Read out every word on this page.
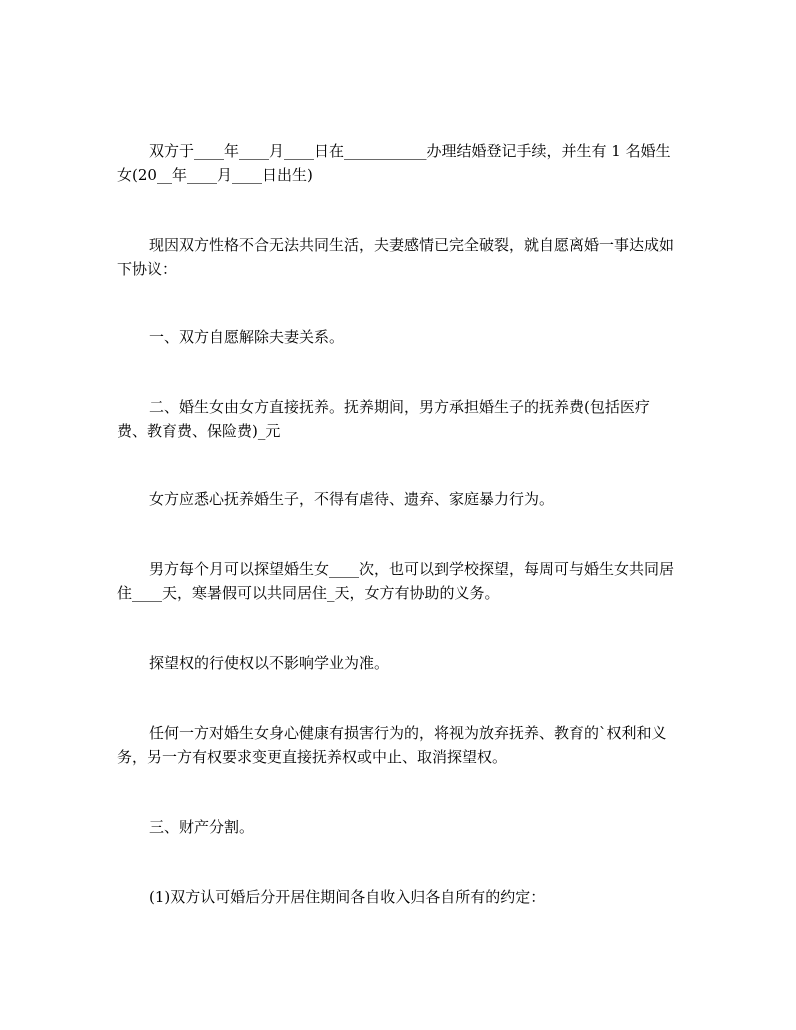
双方于____年____月____日在___________办理结婚登记手续，并生有 1 名婚生女(20__年____月____日出生)

现因双方性格不合无法共同生活，夫妻感情已完全破裂，就自愿离婚一事达成如下协议：

一、双方自愿解除夫妻关系。

二、婚生女由女方直接抚养。抚养期间，男方承担婚生子的抚养费(包括医疗费、教育费、保险费)_元

女方应悉心抚养婚生子，不得有虐待、遗弃、家庭暴力行为。

男方每个月可以探望婚生女____次，也可以到学校探望，每周可与婚生女共同居住____天，寒暑假可以共同居住_天，女方有协助的义务。

探望权的行使权以不影响学业为准。

任何一方对婚生女身心健康有损害行为的，将视为放弃抚养、教育的`权利和义务，另一方有权要求变更直接抚养权或中止、取消探望权。

三、财产分割。

(1)双方认可婚后分开居住期间各自收入归各自所有的约定：
